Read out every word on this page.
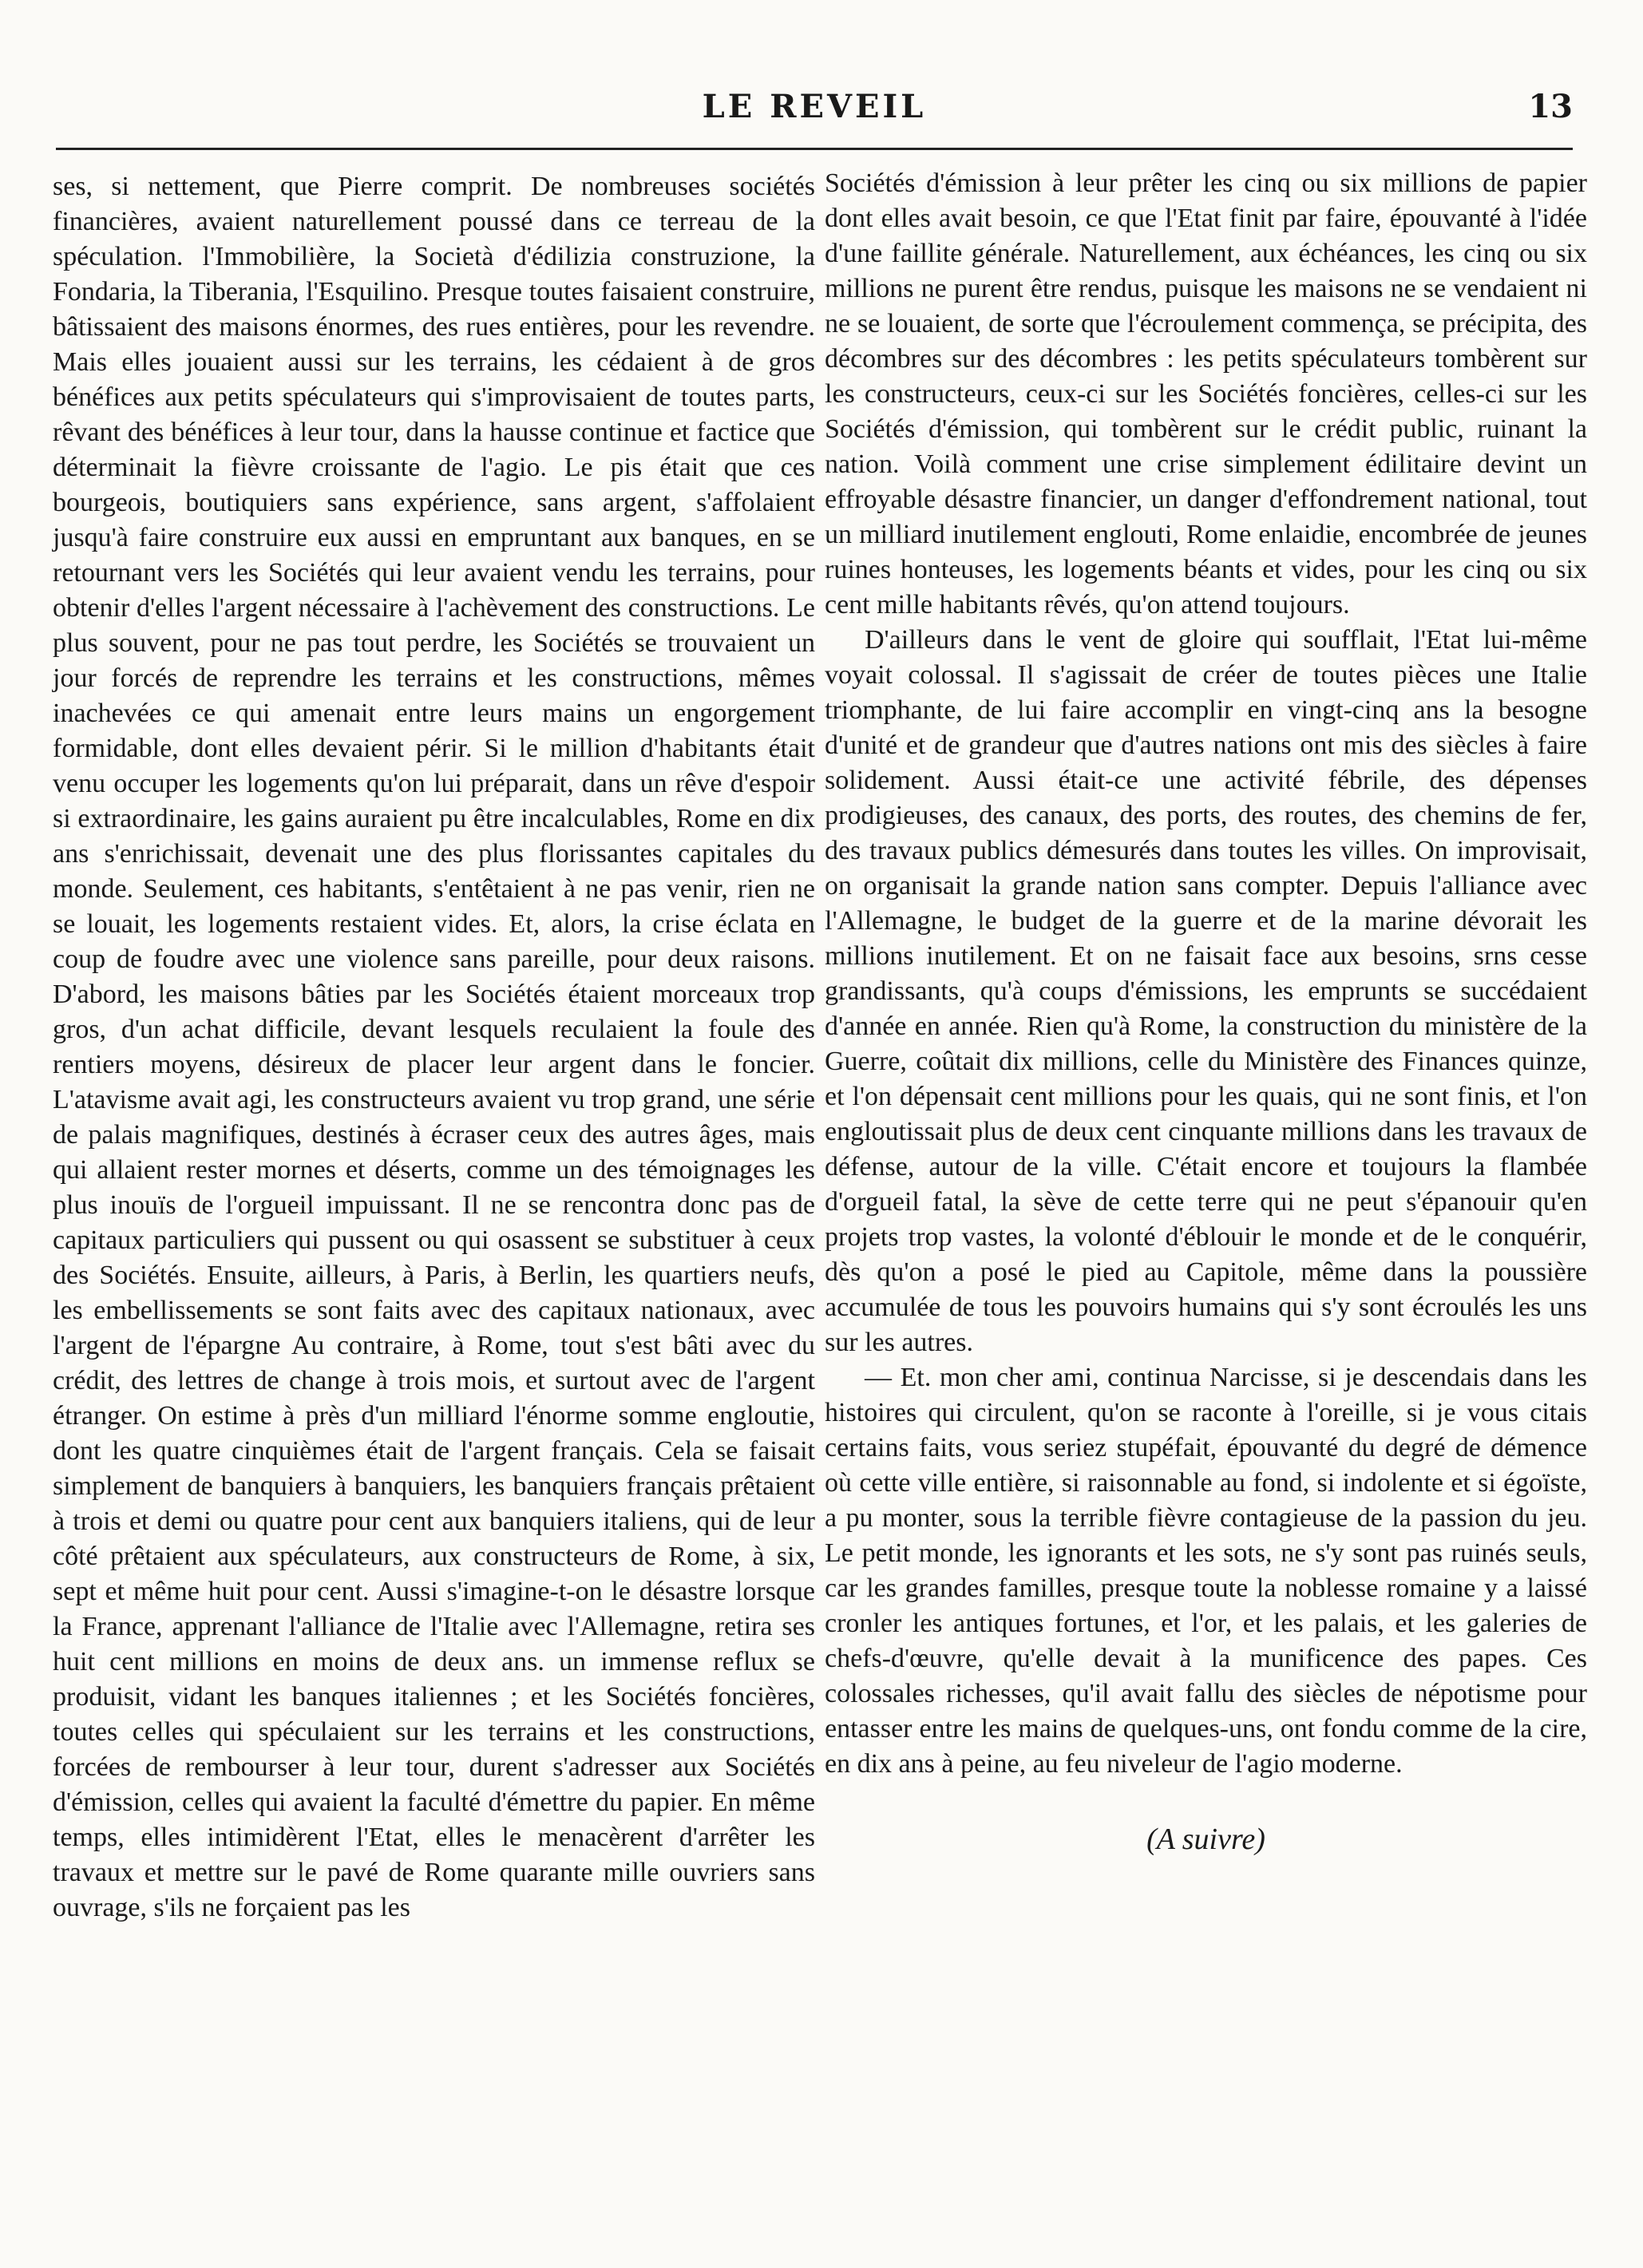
LE REVEIL	13

ses, si nettement, que Pierre comprit. De nombreuses sociétés financières, avaient naturellement poussé dans ce terreau de la spéculation. l'Immobilière, la Società d'édilizia construzione, la Fondaria, la Tiberania, l'Esquilino. Presque toutes faisaient construire, bâtissaient des maisons énormes, des rues entières, pour les revendre. Mais elles jouaient aussi sur les terrains, les cédaient à de gros bénéfices aux petits spéculateurs qui s'improvisaient de toutes parts, rêvant des bénéfices à leur tour, dans la hausse continue et factice que déterminait la fièvre croissante de l'agio. Le pis était que ces bourgeois, boutiquiers sans expérience, sans argent, s'affolaient jusqu'à faire construire eux aussi en empruntant aux banques, en se retournant vers les Sociétés qui leur avaient vendu les terrains, pour obtenir d'elles l'argent nécessaire à l'achèvement des constructions. Le plus souvent, pour ne pas tout perdre, les Sociétés se trouvaient un jour forcés de reprendre les terrains et les constructions, mêmes inachevées ce qui amenait entre leurs mains un engorgement formidable, dont elles devaient périr. Si le million d'habitants était venu occuper les logements qu'on lui préparait, dans un rêve d'espoir si extraordinaire, les gains auraient pu être incalculables, Rome en dix ans s'enrichissait, devenait une des plus florissantes capitales du monde. Seulement, ces habitants, s'entêtaient à ne pas venir, rien ne se louait, les logements restaient vides. Et, alors, la crise éclata en coup de foudre avec une violence sans pareille, pour deux raisons. D'abord, les maisons bâties par les Sociétés étaient morceaux trop gros, d'un achat difficile, devant lesquels reculaient la foule des rentiers moyens, désireux de placer leur argent dans le foncier. L'atavisme avait agi, les constructeurs avaient vu trop grand, une série de palais magnifiques, destinés à écraser ceux des autres âges, mais qui allaient rester mornes et déserts, comme un des témoignages les plus inouïs de l'orgueil impuissant. Il ne se rencontra donc pas de capitaux particuliers qui pussent ou qui osassent se substituer à ceux des Sociétés. Ensuite, ailleurs, à Paris, à Berlin, les quartiers neufs, les embellissements se sont faits avec des capitaux nationaux, avec l'argent de l'épargne Au contraire, à Rome, tout s'est bâti avec du crédit, des lettres de change à trois mois, et surtout avec de l'argent étranger. On estime à près d'un milliard l'énorme somme engloutie, dont les quatre cinquièmes était de l'argent français. Cela se faisait simplement de banquiers à banquiers, les banquiers français prêtaient à trois et demi ou quatre pour cent aux banquiers italiens, qui de leur côté prêtaient aux spéculateurs, aux constructeurs de Rome, à six, sept et même huit pour cent. Aussi s'imagine-t-on le désastre lorsque la France, apprenant l'alliance de l'Italie avec l'Allemagne, retira ses huit cent millions en moins de deux ans. un immense reflux se produisit, vidant les banques italiennes ; et les Sociétés foncières, toutes celles qui spéculaient sur les terrains et les constructions, forcées de rembourser à leur tour, durent s'adresser aux Sociétés d'émission, celles qui avaient la faculté d'émettre du papier. En même temps, elles intimidèrent l'Etat, elles le menacèrent d'arrêter les travaux et mettre sur le pavé de Rome quarante mille ouvriers sans ouvrage, s'ils ne forçaient pas les

Sociétés d'émission à leur prêter les cinq ou six millions de papier dont elles avait besoin, ce que l'Etat finit par faire, épouvanté à l'idée d'une faillite générale. Naturellement, aux échéances, les cinq ou six millions ne purent être rendus, puisque les maisons ne se vendaient ni ne se louaient, de sorte que l'écroulement commença, se précipita, des décombres sur des décombres : les petits spéculateurs tombèrent sur les constructeurs, ceux-ci sur les Sociétés foncières, celles-ci sur les Sociétés d'émission, qui tombèrent sur le crédit public, ruinant la nation. Voilà comment une crise simplement édilitaire devint un effroyable désastre financier, un danger d'effondrement national, tout un milliard inutilement englouti, Rome enlaidie, encombrée de jeunes ruines honteuses, les logements béants et vides, pour les cinq ou six cent mille habitants rêvés, qu'on attend toujours.

D'ailleurs dans le vent de gloire qui soufflait, l'Etat lui-même voyait colossal. Il s'agissait de créer de toutes pièces une Italie triomphante, de lui faire accomplir en vingt-cinq ans la besogne d'unité et de grandeur que d'autres nations ont mis des siècles à faire solidement. Aussi était-ce une activité fébrile, des dépenses prodigieuses, des canaux, des ports, des routes, des chemins de fer, des travaux publics démesurés dans toutes les villes. On improvisait, on organisait la grande nation sans compter. Depuis l'alliance avec l'Allemagne, le budget de la guerre et de la marine dévorait les millions inutilement. Et on ne faisait face aux besoins, srns cesse grandissants, qu'à coups d'émissions, les emprunts se succédaient d'année en année. Rien qu'à Rome, la construction du ministère de la Guerre, coûtait dix millions, celle du Ministère des Finances quinze, et l'on dépensait cent millions pour les quais, qui ne sont finis, et l'on engloutissait plus de deux cent cinquante millions dans les travaux de défense, autour de la ville. C'était encore et toujours la flambée d'orgueil fatal, la sève de cette terre qui ne peut s'épanouir qu'en projets trop vastes, la volonté d'éblouir le monde et de le conquérir, dès qu'on a posé le pied au Capitole, même dans la poussière accumulée de tous les pouvoirs humains qui s'y sont écroulés les uns sur les autres.

— Et. mon cher ami, continua Narcisse, si je descendais dans les histoires qui circulent, qu'on se raconte à l'oreille, si je vous citais certains faits, vous seriez stupéfait, épouvanté du degré de démence où cette ville entière, si raisonnable au fond, si indolente et si égoïste, a pu monter, sous la terrible fièvre contagieuse de la passion du jeu. Le petit monde, les ignorants et les sots, ne s'y sont pas ruinés seuls, car les grandes familles, presque toute la noblesse romaine y a laissé cronler les antiques fortunes, et l'or, et les palais, et les galeries de chefs-d'œuvre, qu'elle devait à la munificence des papes. Ces colossales richesses, qu'il avait fallu des siècles de népotisme pour entasser entre les mains de quelques-uns, ont fondu comme de la cire, en dix ans à peine, au feu niveleur de l'agio moderne.

(A suivre)
